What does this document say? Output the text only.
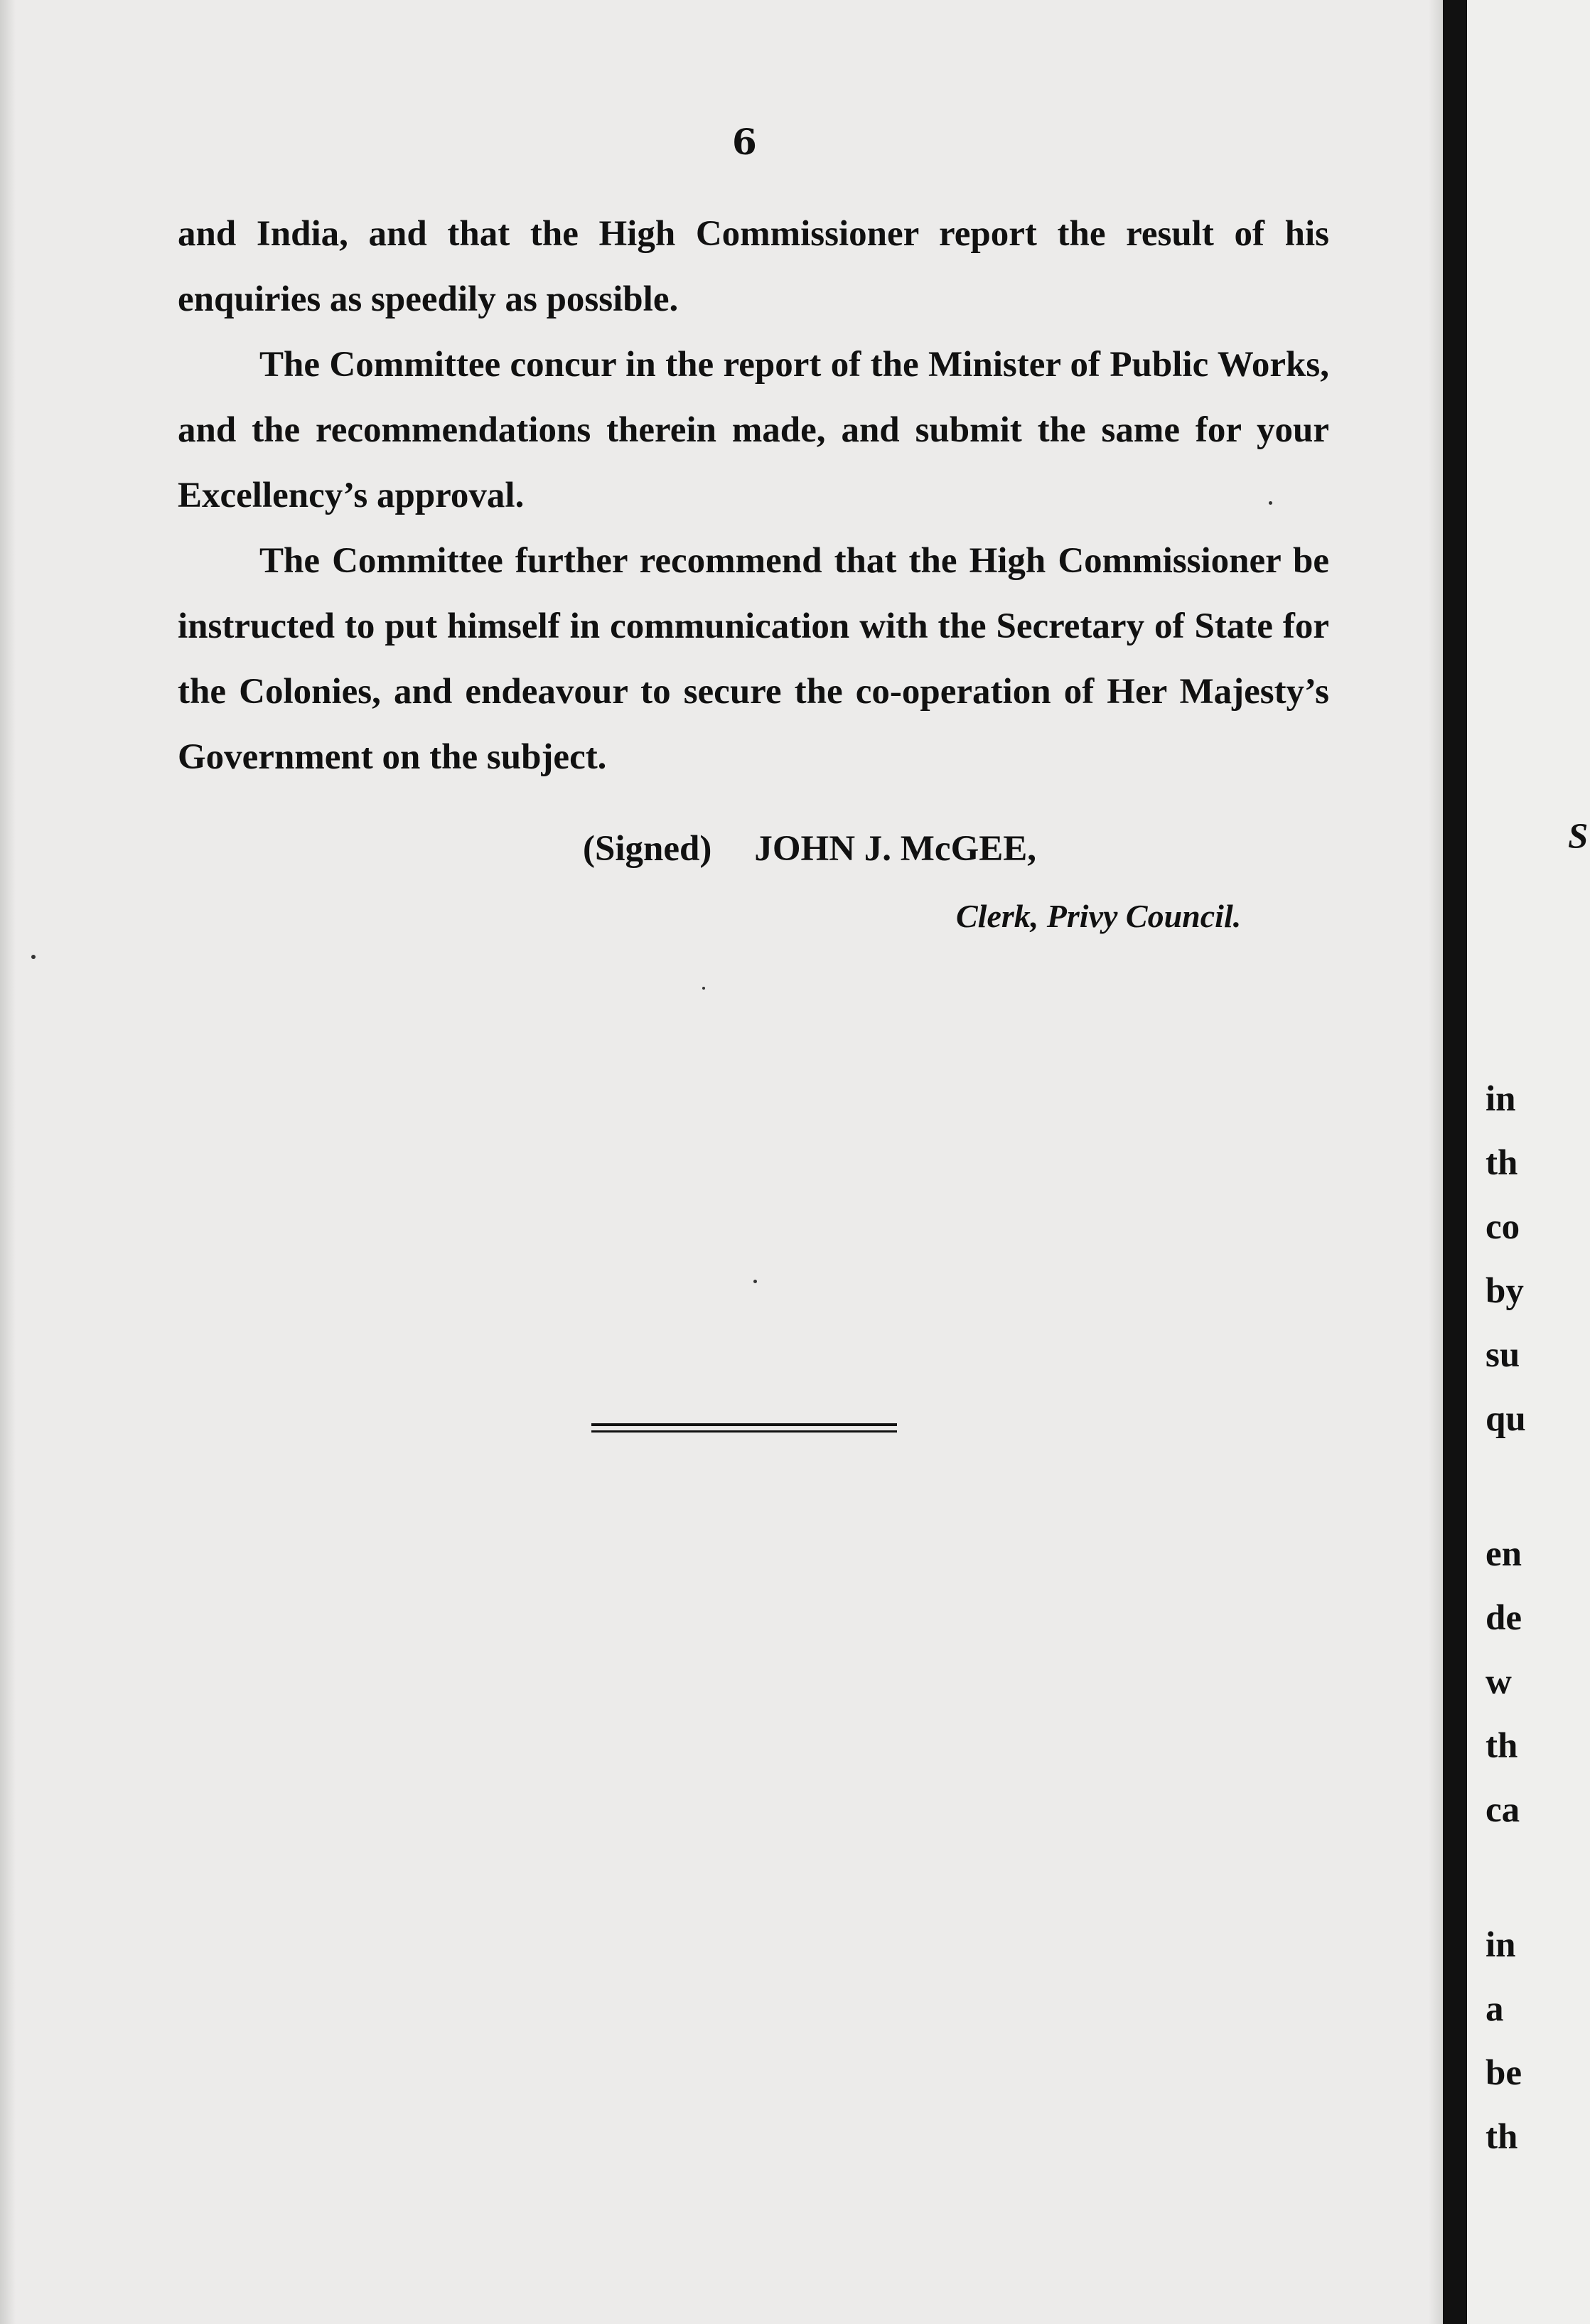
6

and India, and that the High Commissioner report the result of his enquiries as speedily as possible.

The Committee concur in the report of the Minister of Public Works, and the recommendations therein made, and submit the same for your Excellency’s approval.

The Committee further recommend that the High Commissioner be instructed to put himself in communication with the Secretary of State for the Colonies, and endeavour to secure the co-operation of Her Majesty’s Government on the subject.

(Signed) JOHN J. McGEE,
Clerk, Privy Council.
S
in
th
co
by
su
qu
en
de
w
th
ca
in
a
be
th
